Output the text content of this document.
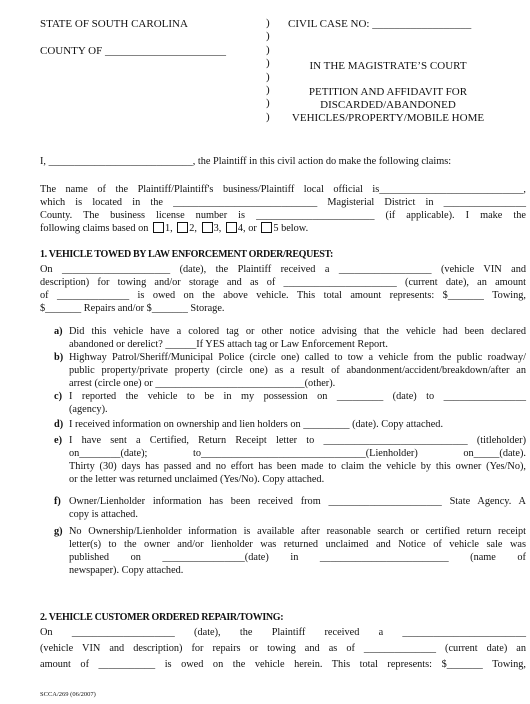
STATE OF SOUTH CAROLINA
COUNTY OF ______________________
)
)
)
)
)
)
)
)
CIVIL CASE NO: __________________
IN THE MAGISTRATE’S COURT
PETITION AND AFFIDAVIT FOR
DISCARDED/ABANDONED
VEHICLES/PROPERTY/MOBILE HOME
I, ____________________________, the Plaintiff in this civil action do make the following claims:
The name of the Plaintiff/Plaintiff's business/Plaintiff local official is____________________________,
which is located in the ____________________________ Magisterial District in ________________
County. The business license number is _______________________ (if applicable). I make the
following claims based on 1, 2, 3, 4, or 5 below.
1. VEHICLE TOWED BY LAW ENFORCEMENT ORDER/REQUEST:
On _____________________ (date), the Plaintiff received a __________________ (vehicle VIN and
description) for towing and/or storage and as of ______________________ (current date), an amount
of ______________ is owed on the above vehicle. This total amount represents: $_______ Towing,
$_______ Repairs and/or $_______ Storage.
a) Did this vehicle have a colored tag or other notice advising that the vehicle had been declared
abandoned or derelict? ______If YES attach tag or Law Enforcement Report.
b) Highway Patrol/Sheriff/Municipal Police (circle one) called to tow a vehicle from the public roadway/
public property/private property (circle one) as a result of abandonment/accident/breakdown/after an
arrest (circle one) or _____________________________(other).
c) I reported the vehicle to be in my possession on _________ (date) to ________________
(agency).
d) I received information on ownership and lien holders on _________ (date). Copy attached.
e) I have sent a Certified, Return Receipt letter to ____________________________ (titleholder)
on________(date); to________________________________(Lienholder) on_____(date).
Thirty (30) days has passed and no effort has been made to claim the vehicle by this owner (Yes/No),
or the letter was returned unclaimed (Yes/No). Copy attached.
f) Owner/Lienholder information has been received from ______________________ State Agency. A
copy is attached.
g) No Ownership/Lienholder information is available after reasonable search or certified return receipt
letter(s) to the owner and/or lienholder was returned unclaimed and Notice of vehicle sale was
published on ________________(date) in _________________________ (name of
newspaper). Copy attached.
2. VEHICLE CUSTOMER ORDERED REPAIR/TOWING:
On ____________________ (date), the Plaintiff received a ________________________
(vehicle VIN and description) for repairs or towing and as of ______________ (current date) an
amount of ___________ is owed on the vehicle herein. This total represents: $_______ Towing,
SCCA/269 (06/2007)
